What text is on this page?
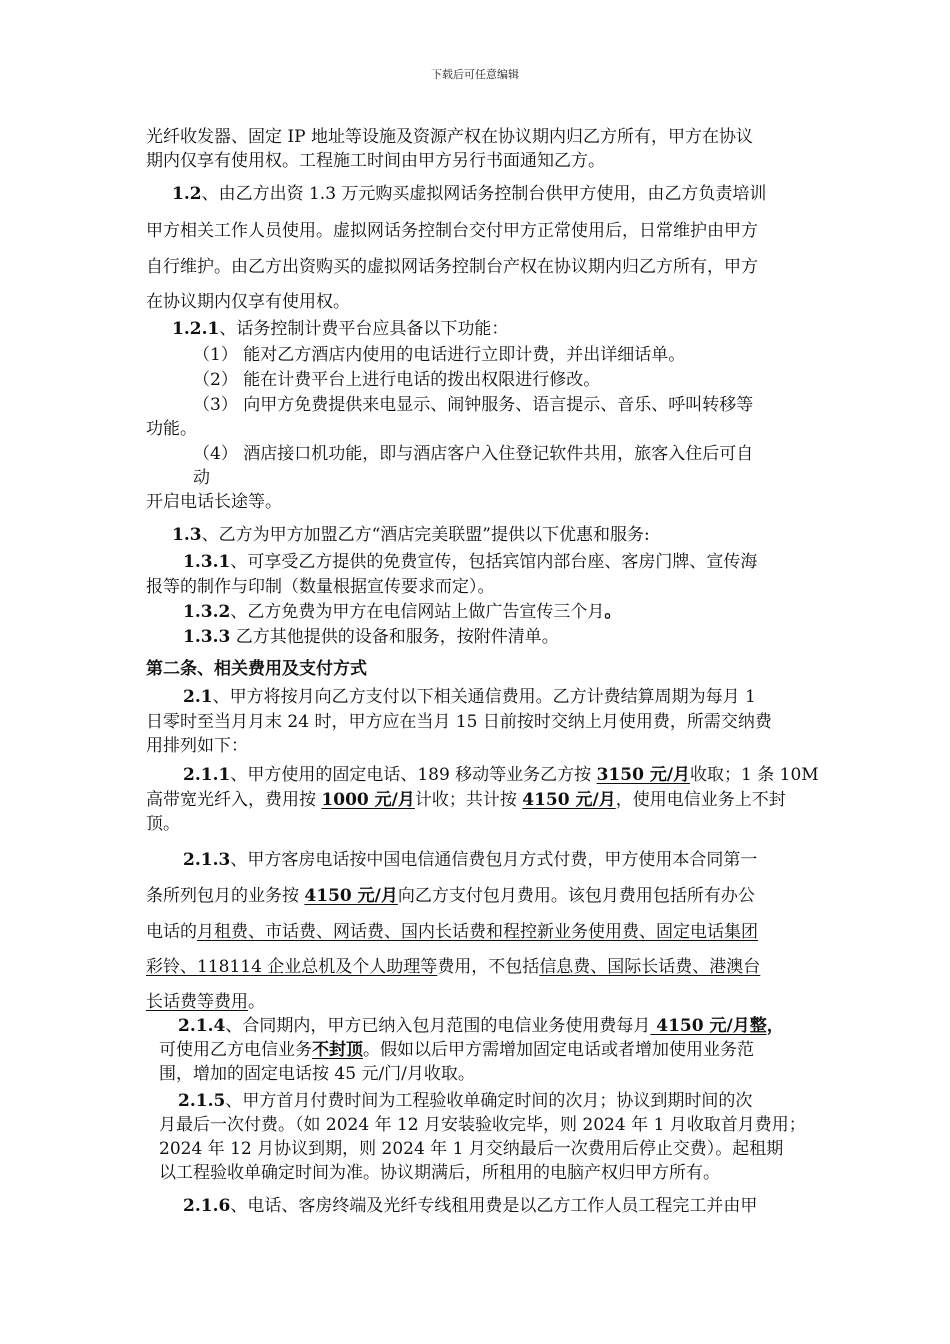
下载后可任意编辑
光纤收发器、固定 IP 地址等设施及资源产权在协议期内归乙方所有，甲方在协议
期内仅享有使用权。工程施工时间由甲方另行书面通知乙方。
1.2、由乙方出资 1.3 万元购买虚拟网话务控制台供甲方使用，由乙方负责培训
甲方相关工作人员使用。虚拟网话务控制台交付甲方正常使用后，日常维护由甲方
自行维护。由乙方出资购买的虚拟网话务控制台产权在协议期内归乙方所有，甲方
在协议期内仅享有使用权。
1.2.1、话务控制计费平台应具备以下功能：
（1） 能对乙方酒店内使用的电话进行立即计费，并出详细话单。
（2） 能在计费平台上进行电话的拨出权限进行修改。
（3） 向甲方免费提供来电显示、闹钟服务、语言提示、音乐、呼叫转移等
功能。
（4） 酒店接口机功能，即与酒店客户入住登记软件共用，旅客入住后可自
动
开启电话长途等。
1.3、乙方为甲方加盟乙方“酒店完美联盟”提供以下优惠和服务:
1.3.1、可享受乙方提供的免费宣传，包括宾馆内部台座、客房门牌、宣传海
报等的制作与印制（数量根据宣传要求而定）。
1.3.2、乙方免费为甲方在电信网站上做广告宣传三个月。
1.3.3 乙方其他提供的设备和服务，按附件清单。
第二条、相关费用及支付方式
2.1、甲方将按月向乙方支付以下相关通信费用。乙方计费结算周期为每月 1
日零时至当月月末 24 时，甲方应在当月 15 日前按时交纳上月使用费，所需交纳费
用排列如下：
2.1.1、甲方使用的固定电话、189 移动等业务乙方按 3150 元/月收取；1 条 10M
高带宽光纤入，费用按 1000 元/月计收；共计按 4150 元/月，使用电信业务上不封
顶。
2.1.3、甲方客房电话按中国电信通信费包月方式付费，甲方使用本合同第一
条所列包月的业务按 4150 元/月向乙方支付包月费用。该包月费用包括所有办公
电话的月租费、市话费、网话费、国内长话费和程控新业务使用费、固定电话集团
彩铃、118114 企业总机及个人助理等费用，不包括信息费、国际长话费、港澳台
长话费等费用。
2.1.4、合同期内，甲方已纳入包月范围的电信业务使用费每月 4150 元/月整，
可使用乙方电信业务不封顶。假如以后甲方需增加固定电话或者增加使用业务范
围，增加的固定电话按 45 元/门/月收取。
2.1.5、甲方首月付费时间为工程验收单确定时间的次月；协议到期时间的次
月最后一次付费。（如 2024 年 12 月安装验收完毕，则 2024 年 1 月收取首月费用；
2024 年 12 月协议到期，则 2024 年 1 月交纳最后一次费用后停止交费）。起租期
以工程验收单确定时间为准。协议期满后，所租用的电脑产权归甲方所有。
2.1.6、电话、客房终端及光纤专线租用费是以乙方工作人员工程完工并由甲
